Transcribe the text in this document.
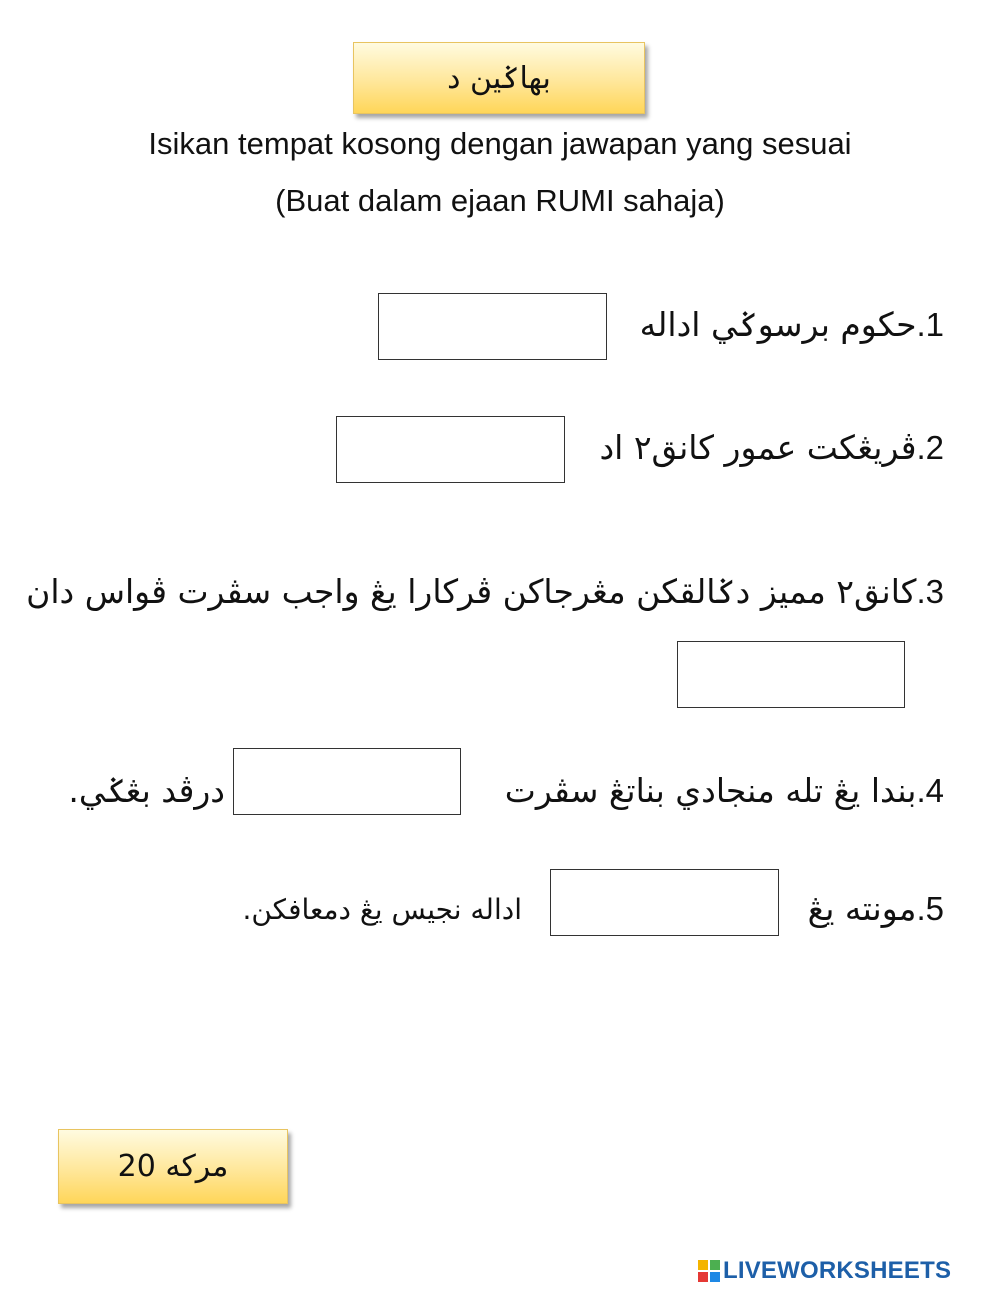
بهاݢين د
Isikan tempat kosong dengan jawapan yang sesuai
(Buat dalam ejaan RUMI sahaja)
1.حکوم برسوݢي اداله
2.ڤريڠکت عمور کانق٢ اد
3.کانق٢ مميز دݢالقکن مڠرجاکن ڤرکارا يڠ واجب سڤرت ڤواس دان
4.بندا يڠ تله منجادي بناتڠ سڤرت
درڤد بڠݢي.
5.مونته يڠ
اداله نجيس يڠ دمعافکن.
20 مرکه
LIVEWORKSHEETS
